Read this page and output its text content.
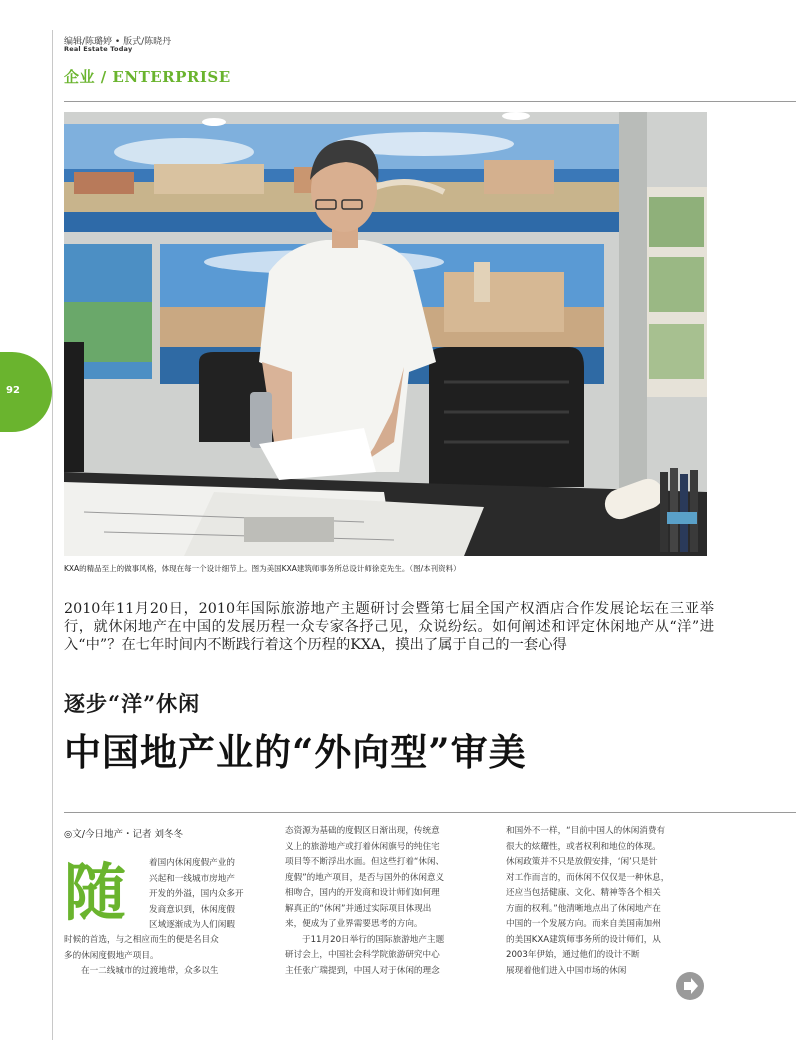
编辑/陈璐婷 • 版式/陈晓丹
Real Estate Today
企业 / ENTERPRISE
92
KXA的精品至上的做事风格，体现在每一个设计细节上。图为美国KXA建筑师事务所总设计师徐克先生。（图/本刊资料）
2010年11月20日，2010年国际旅游地产主题研讨会暨第七届全国产权酒店合作发展论坛在三亚举行，就休闲地产在中国的发展历程一众专家各抒己见，众说纷纭。如何阐述和评定休闲地产从“洋”进入“中”？在七年时间内不断践行着这个历程的KXA，摸出了属于自己的一套心得
逐步“洋”休闲
中国地产业的“外向型”审美
◎文/今日地产・记者 刘冬冬
随	着国内休闲度假产业的

兴起和一线城市房地产

开发的外溢，国内众多开

发商意识到，休闲度假

区域逐渐成为人们闲暇

时候的首选，与之相应而生的便是名目众

多的休闲度假地产项目。

在一二线城市的过渡地带，众多以生

态资源为基础的度假区日渐出现，传统意

义上的旅游地产或打着休闲旗号的纯住宅

项目等不断浮出水面。但这些打着“休闲、

度假”的地产项目，是否与国外的休闲意义

相吻合，国内的开发商和设计师们如何理

解真正的“休闲”并通过实际项目体现出

来，便成为了业界需要思考的方向。

于11月20日举行的国际旅游地产主题

研讨会上，中国社会科学院旅游研究中心

主任张广瑞提到，中国人对于休闲的理念

和国外不一样，“目前中国人的休闲消费有

很大的炫耀性，或者权利和地位的体现。

休闲政策并不只是放假安排，‘闲’只是针

对工作而言的，而休闲不仅仅是一种休息，

还应当包括健康、文化、精神等各个相关

方面的权利。”他清晰地点出了休闲地产在

中国的一个发展方向。而来自美国南加州

的美国KXA建筑师事务所的设计师们，从

2003年伊始，通过他们的设计不断

展现着他们进入中国市场的休闲
